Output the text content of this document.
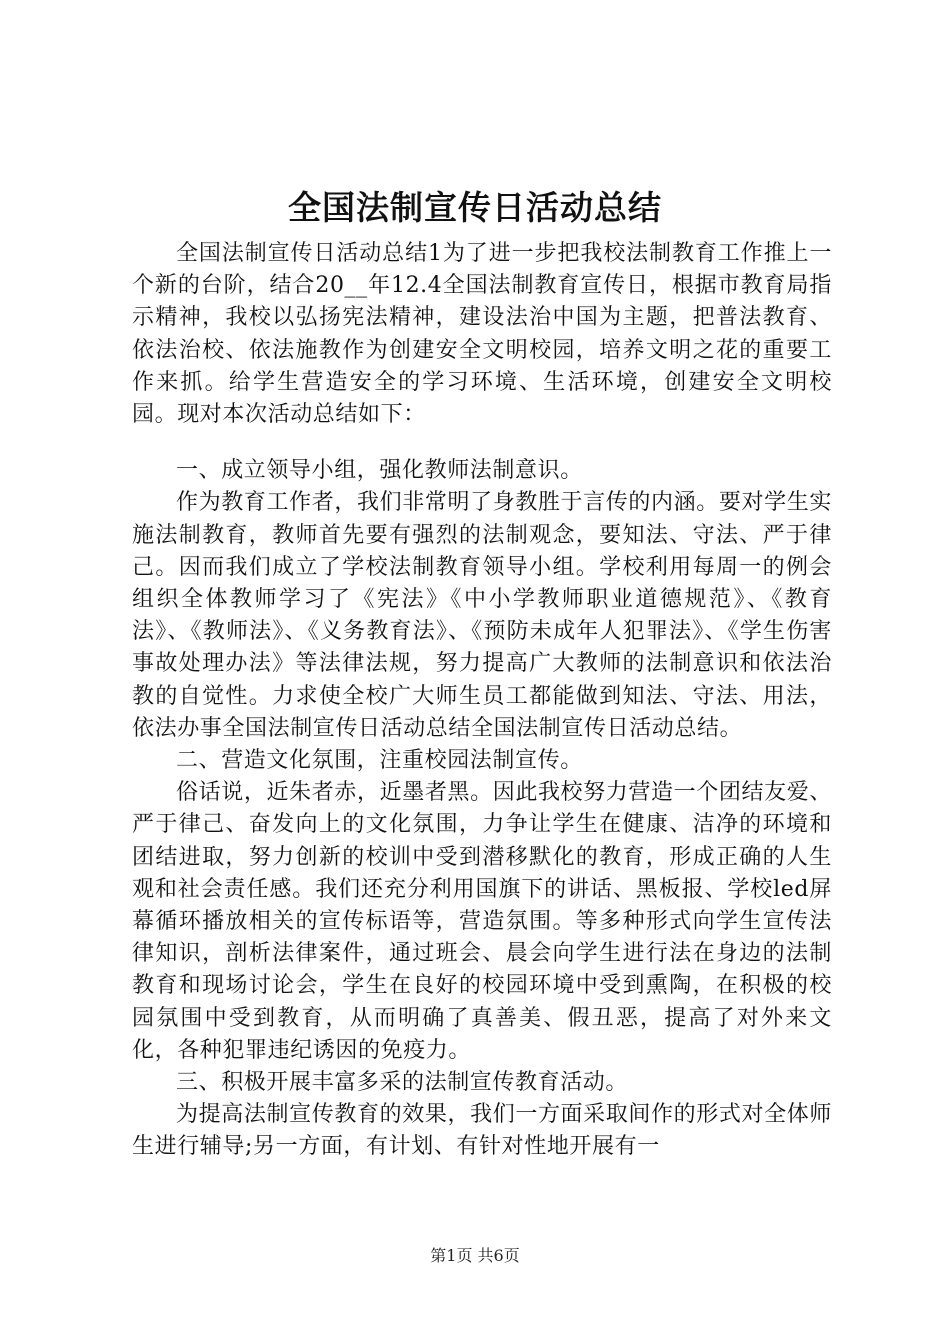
全国法制宣传日活动总结

全国法制宣传日活动总结1为了进一步把我校法制教育工作推上一个新的台阶，结合20__年12.4全国法制教育宣传日，根据市教育局指示精神，我校以弘扬宪法精神，建设法治中国为主题，把普法教育、依法治校、依法施教作为创建安全文明校园，培养文明之花的重要工作来抓。给学生营造安全的学习环境、生活环境，创建安全文明校园。现对本次活动总结如下：

一、成立领导小组，强化教师法制意识。

作为教育工作者，我们非常明了身教胜于言传的内涵。要对学生实施法制教育，教师首先要有强烈的法制观念，要知法、守法、严于律己。因而我们成立了学校法制教育领导小组。学校利用每周一的例会组织全体教师学习了《宪法》《中小学教师职业道德规范》、《教育法》、《教师法》、《义务教育法》、《预防未成年人犯罪法》、《学生伤害事故处理办法》等法律法规，努力提高广大教师的法制意识和依法治教的自觉性。力求使全校广大师生员工都能做到知法、守法、用法，依法办事全国法制宣传日活动总结全国法制宣传日活动总结。

二、营造文化氛围，注重校园法制宣传。

俗话说，近朱者赤，近墨者黑。因此我校努力营造一个团结友爱、严于律己、奋发向上的文化氛围，力争让学生在健康、洁净的环境和团结进取，努力创新的校训中受到潜移默化的教育，形成正确的人生观和社会责任感。我们还充分利用国旗下的讲话、黑板报、学校led屏幕循环播放相关的宣传标语等，营造氛围。等多种形式向学生宣传法律知识，剖析法律案件，通过班会、晨会向学生进行法在身边的法制教育和现场讨论会，学生在良好的校园环境中受到熏陶，在积极的校园氛围中受到教育，从而明确了真善美、假丑恶，提高了对外来文化，各种犯罪违纪诱因的免疫力。

三、积极开展丰富多采的法制宣传教育活动。

为提高法制宣传教育的效果，我们一方面采取间作的形式对全体师生进行辅导;另一方面，有计划、有针对性地开展有一

第1页 共6页
